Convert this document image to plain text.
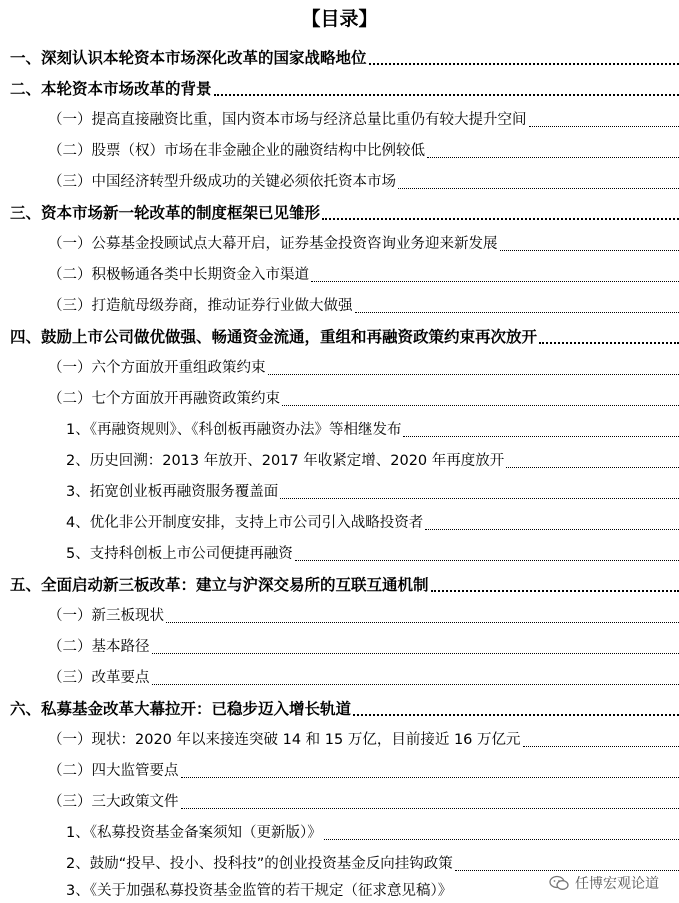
【目录】
一、深刻认识本轮资本市场深化改革的国家战略地位
二、本轮资本市场改革的背景
（一）提高直接融资比重，国内资本市场与经济总量比重仍有较大提升空间
（二）股票（权）市场在非金融企业的融资结构中比例较低
（三）中国经济转型升级成功的关键必须依托资本市场
三、资本市场新一轮改革的制度框架已见雏形
（一）公募基金投顾试点大幕开启，证券基金投资咨询业务迎来新发展
（二）积极畅通各类中长期资金入市渠道
（三）打造航母级券商，推动证券行业做大做强
四、鼓励上市公司做优做强、畅通资金流通，重组和再融资政策约束再次放开
（一）六个方面放开重组政策约束
（二）七个方面放开再融资政策约束
1、《再融资规则》、《科创板再融资办法》等相继发布
2、历史回溯：2013 年放开、2017 年收紧定增、2020 年再度放开
3、拓宽创业板再融资服务覆盖面
4、优化非公开制度安排，支持上市公司引入战略投资者
5、支持科创板上市公司便捷再融资
五、全面启动新三板改革：建立与沪深交易所的互联互通机制
（一）新三板现状
（二）基本路径
（三）改革要点
六、私募基金改革大幕拉开：已稳步迈入增长轨道
（一）现状：2020 年以来接连突破 14 和 15 万亿，目前接近 16 万亿元
（二）四大监管要点
（三）三大政策文件
1、《私募投资基金备案须知（更新版）》
2、鼓励“投早、投小、投科技”的创业投资基金反向挂钩政策
3、《关于加强私募投资基金监管的若干规定（征求意见稿）》	任博宏观论道
